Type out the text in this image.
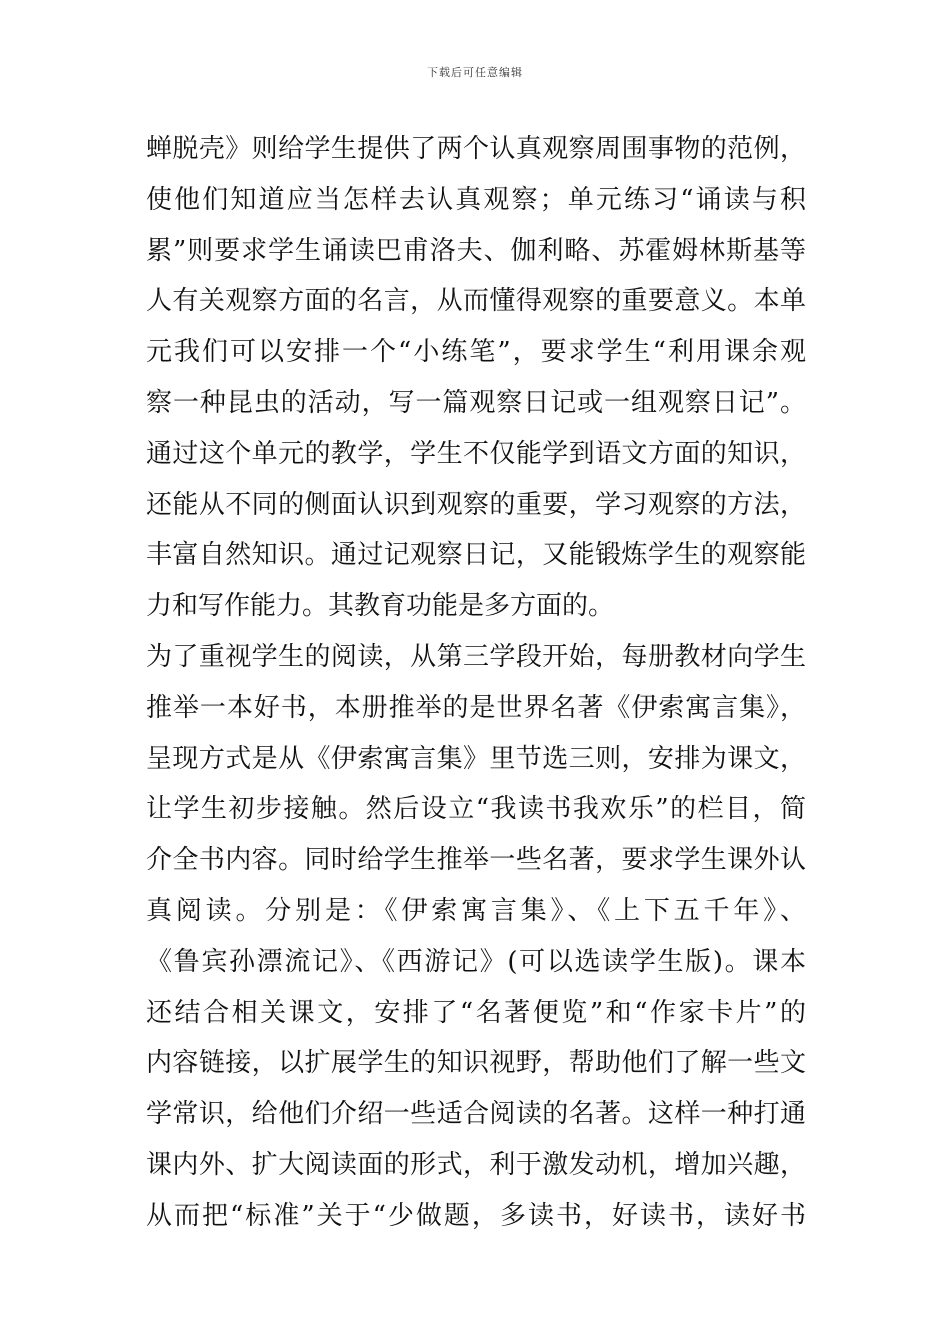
下载后可任意编辑
蝉脱壳》则给学生提供了两个认真观察周围事物的范例，
使他们知道应当怎样去认真观察；单元练习“诵读与积
累”则要求学生诵读巴甫洛夫、伽利略、苏霍姆林斯基等
人有关观察方面的名言，从而懂得观察的重要意义。本单
元我们可以安排一个“小练笔”，要求学生“利用课余观
察一种昆虫的活动，写一篇观察日记或一组观察日记”。
通过这个单元的教学，学生不仅能学到语文方面的知识，
还能从不同的侧面认识到观察的重要，学习观察的方法，
丰富自然知识。通过记观察日记，又能锻炼学生的观察能
力和写作能力。其教育功能是多方面的。
为了重视学生的阅读，从第三学段开始，每册教材向学生
推举一本好书，本册推举的是世界名著《伊索寓言集》，
呈现方式是从《伊索寓言集》里节选三则，安排为课文，
让学生初步接触。然后设立“我读书我欢乐”的栏目，简
介全书内容。同时给学生推举一些名著，要求学生课外认
真阅读。分别是：《伊索寓言集》、《上下五千年》、
《鲁宾孙漂流记》、《西游记》(可以选读学生版)。课本
还结合相关课文，安排了“名著便览”和“作家卡片”的
内容链接，以扩展学生的知识视野，帮助他们了解一些文
学常识，给他们介绍一些适合阅读的名著。这样一种打通
课内外、扩大阅读面的形式，利于激发动机，增加兴趣，
从而把“标准”关于“少做题，多读书，好读书，读好书
